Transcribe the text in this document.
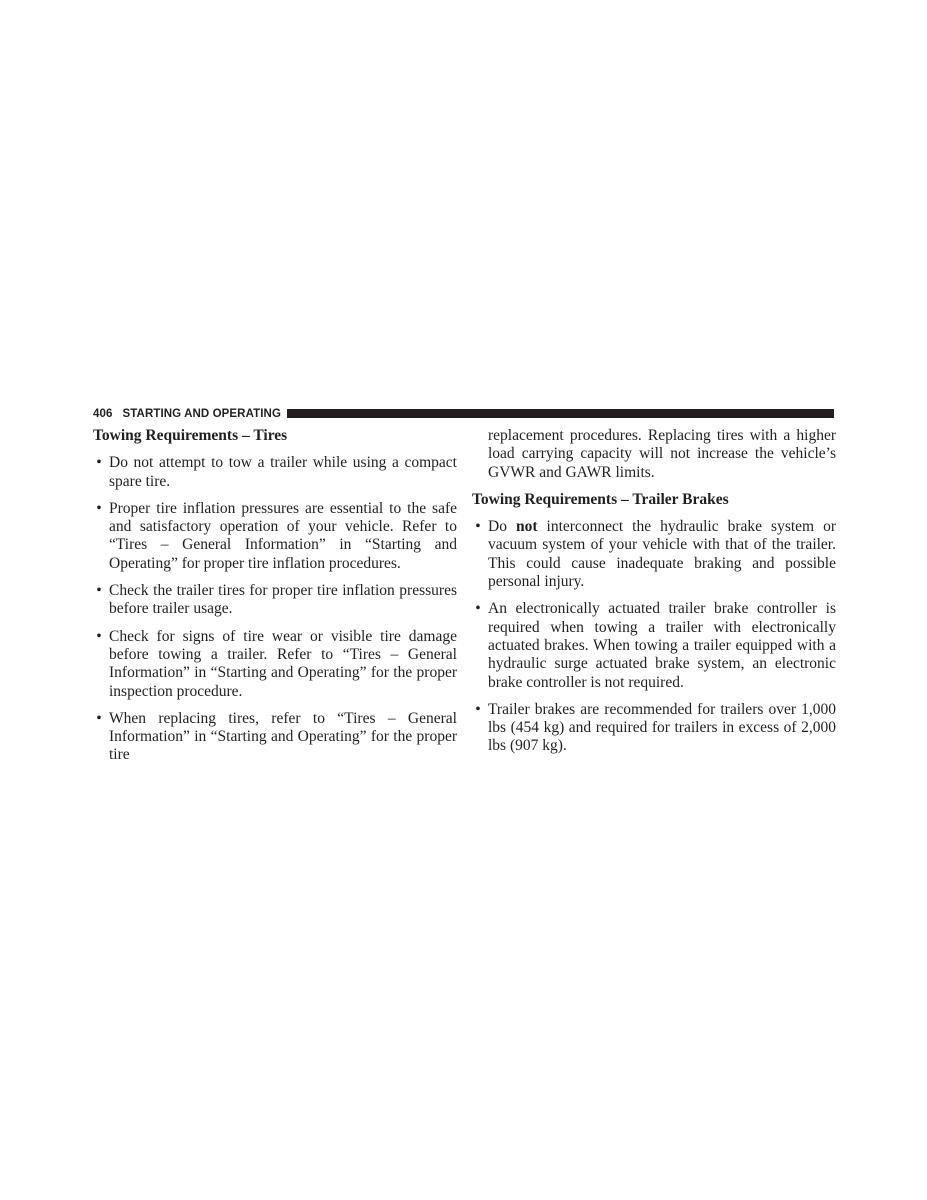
406 STARTING AND OPERATING
Towing Requirements – Tires
• Do not attempt to tow a trailer while using a compact spare tire.
• Proper tire inflation pressures are essential to the safe and satisfactory operation of your vehicle. Refer to “Tires – General Information” in “Starting and Operating” for proper tire inflation procedures.
• Check the trailer tires for proper tire inflation pressures before trailer usage.
• Check for signs of tire wear or visible tire damage before towing a trailer. Refer to “Tires – General Information” in “Starting and Operating” for the proper inspection procedure.
• When replacing tires, refer to “Tires – General Information” in “Starting and Operating” for the proper tire
replacement procedures. Replacing tires with a higher load carrying capacity will not increase the vehicle’s GVWR and GAWR limits.
Towing Requirements – Trailer Brakes
• Do not interconnect the hydraulic brake system or vacuum system of your vehicle with that of the trailer. This could cause inadequate braking and possible personal injury.
• An electronically actuated trailer brake controller is required when towing a trailer with electronically actuated brakes. When towing a trailer equipped with a hydraulic surge actuated brake system, an electronic brake controller is not required.
• Trailer brakes are recommended for trailers over 1,000 lbs (454 kg) and required for trailers in excess of 2,000 lbs (907 kg).
